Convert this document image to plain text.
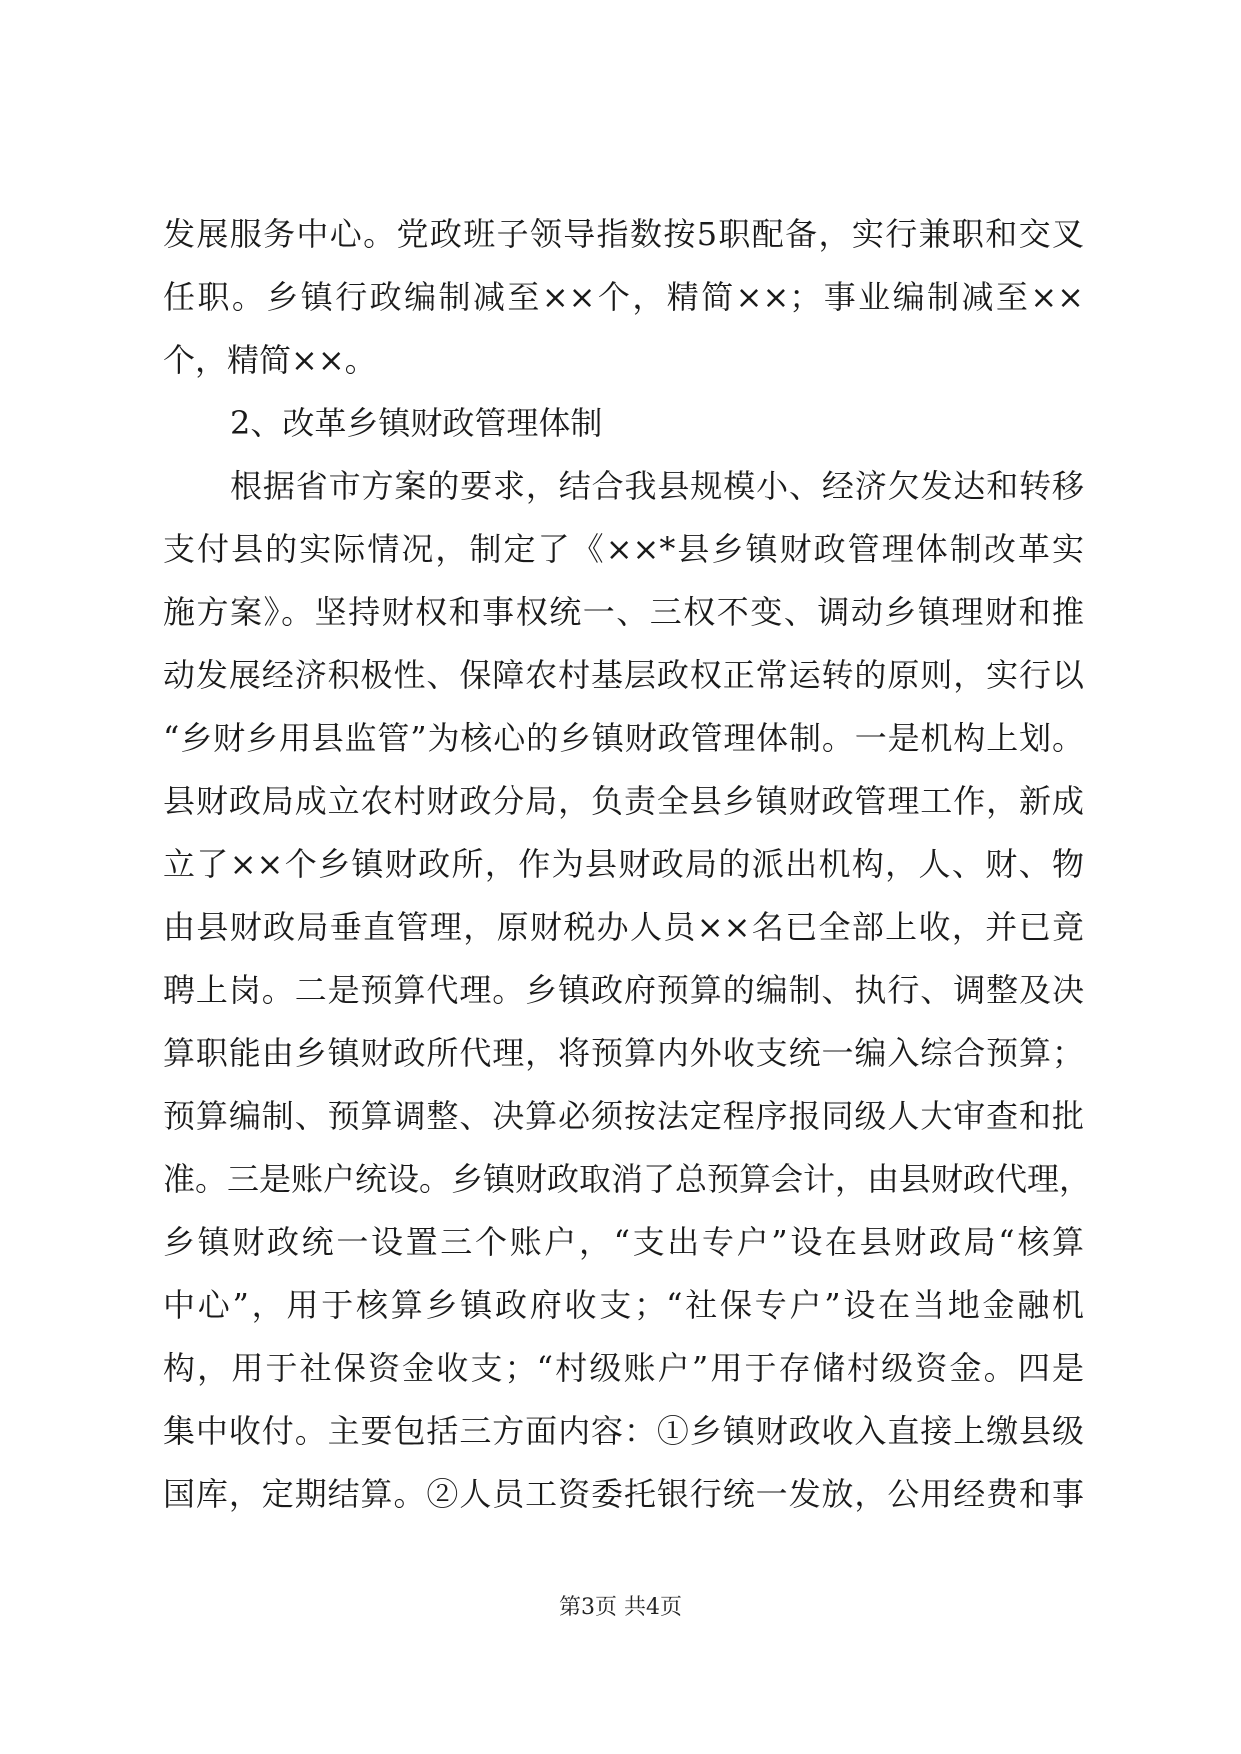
发展服务中心。党政班子领导指数按5职配备，实行兼职和交叉
任职。乡镇行政编制减至××个，精简××；事业编制减至××
个，精简××。
2、改革乡镇财政管理体制
根据省市方案的要求，结合我县规模小、经济欠发达和转移
支付县的实际情况，制定了《××*县乡镇财政管理体制改革实
施方案》。坚持财权和事权统一、三权不变、调动乡镇理财和推
动发展经济积极性、保障农村基层政权正常运转的原则，实行以
“乡财乡用县监管”为核心的乡镇财政管理体制。一是机构上划。
县财政局成立农村财政分局，负责全县乡镇财政管理工作，新成
立了××个乡镇财政所，作为县财政局的派出机构，人、财、物
由县财政局垂直管理，原财税办人员××名已全部上收，并已竟
聘上岗。二是预算代理。乡镇政府预算的编制、执行、调整及决
算职能由乡镇财政所代理，将预算内外收支统一编入综合预算；
预算编制、预算调整、决算必须按法定程序报同级人大审查和批
准。三是账户统设。乡镇财政取消了总预算会计，由县财政代理，
乡镇财政统一设置三个账户，“支出专户”设在县财政局“核算
中心”，用于核算乡镇政府收支；“社保专户”设在当地金融机
构，用于社保资金收支；“村级账户”用于存储村级资金。四是
集中收付。主要包括三方面内容：①乡镇财政收入直接上缴县级
国库，定期结算。②人员工资委托银行统一发放，公用经费和事
第3页 共4页
